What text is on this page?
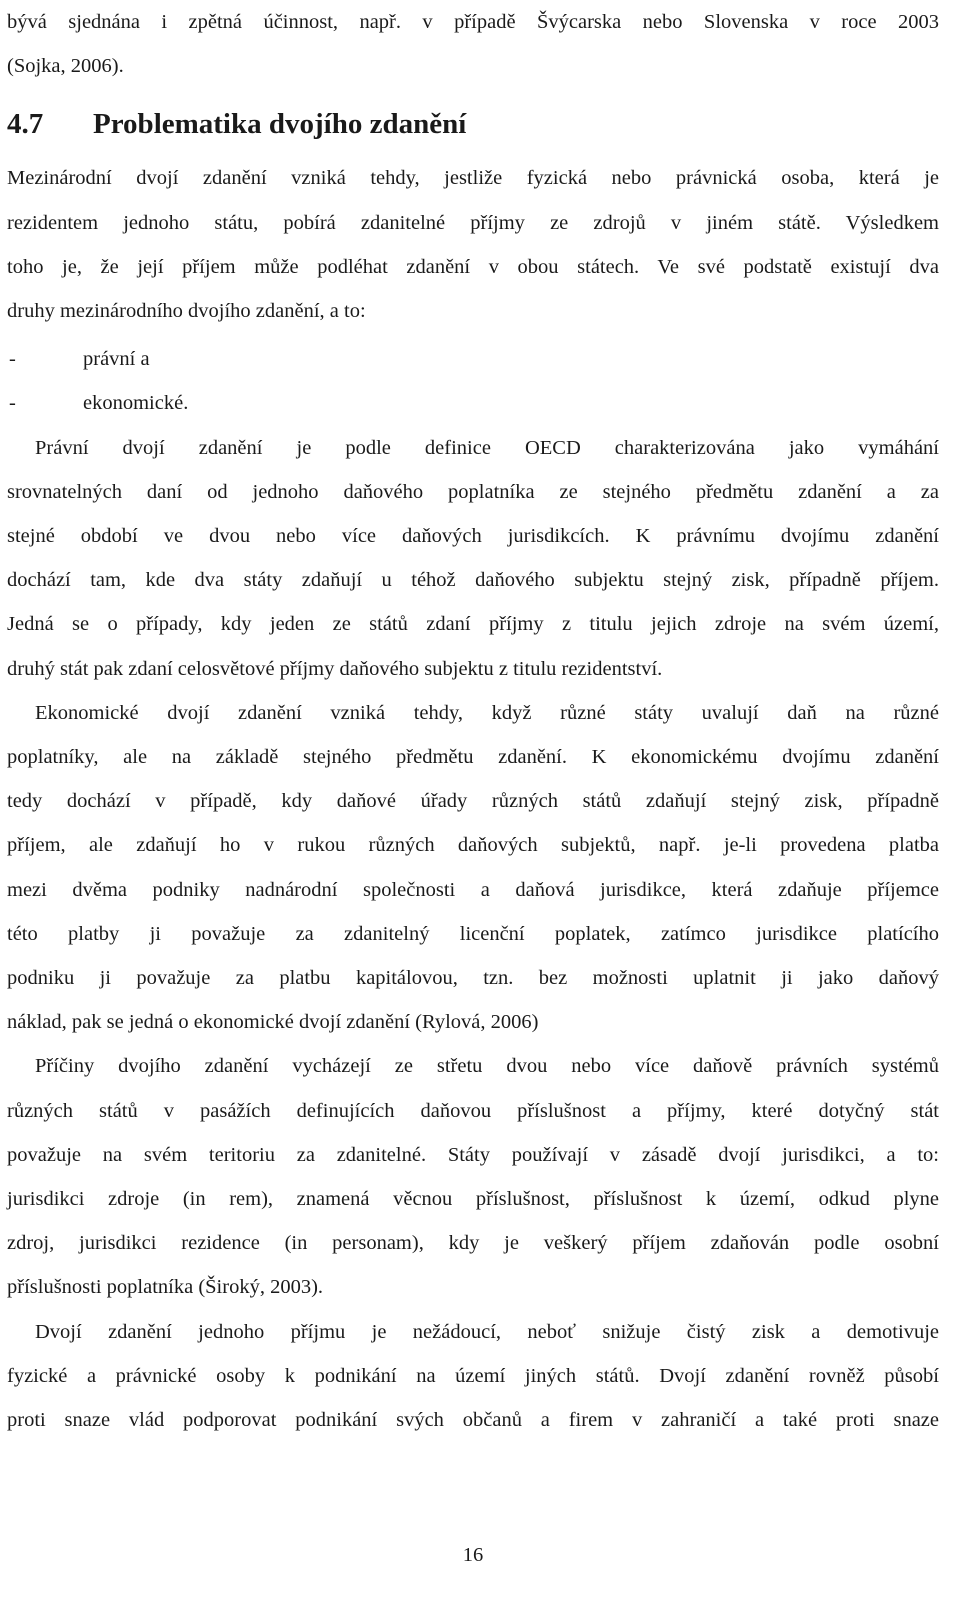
bývá sjednána i zpětná účinnost, např. v případě Švýcarska nebo Slovenska v roce 2003

(Sojka, 2006).

4.7 Problematika dvojího zdanění

Mezinárodní dvojí zdanění vzniká tehdy, jestliže fyzická nebo právnická osoba, která je

rezidentem jednoho státu, pobírá zdanitelné příjmy ze zdrojů v jiném státě. Výsledkem

toho je, že její příjem může podléhat zdanění v obou státech. Ve své podstatě existují dva

druhy mezinárodního dvojího zdanění, a to:

-	právní a
-	ekonomické.

Právní dvojí zdanění je podle definice OECD charakterizována jako vymáhání

srovnatelných daní od jednoho daňového poplatníka ze stejného předmětu zdanění a za

stejné období ve dvou nebo více daňových jurisdikcích. K právnímu dvojímu zdanění

dochází tam, kde dva státy zdaňují u téhož daňového subjektu stejný zisk, případně příjem.

Jedná se o případy, kdy jeden ze států zdaní příjmy z titulu jejich zdroje na svém území,

druhý stát pak zdaní celosvětové příjmy daňového subjektu z titulu rezidentství.

Ekonomické dvojí zdanění vzniká tehdy, když různé státy uvalují daň na různé

poplatníky, ale na základě stejného předmětu zdanění. K ekonomickému dvojímu zdanění

tedy dochází v případě, kdy daňové úřady různých států zdaňují stejný zisk, případně

příjem, ale zdaňují ho v rukou různých daňových subjektů, např. je-li provedena platba

mezi dvěma podniky nadnárodní společnosti a daňová jurisdikce, která zdaňuje příjemce

této platby ji považuje za zdanitelný licenční poplatek, zatímco jurisdikce platícího

podniku ji považuje za platbu kapitálovou, tzn. bez možnosti uplatnit ji jako daňový

náklad, pak se jedná o ekonomické dvojí zdanění (Rylová, 2006)

Příčiny dvojího zdanění vycházejí ze střetu dvou nebo více daňově právních systémů

různých států v pasážích definujících daňovou příslušnost a příjmy, které dotyčný stát

považuje na svém teritoriu za zdanitelné. Státy používají v zásadě dvojí jurisdikci, a to:

jurisdikci zdroje (in rem), znamená věcnou příslušnost, příslušnost k území, odkud plyne

zdroj, jurisdikci rezidence (in personam), kdy je veškerý příjem zdaňován podle osobní

příslušnosti poplatníka (Široký, 2003).

Dvojí zdanění jednoho příjmu je nežádoucí, neboť snižuje čistý zisk a demotivuje

fyzické a právnické osoby k podnikání na území jiných států. Dvojí zdanění rovněž působí

proti snaze vlád podporovat podnikání svých občanů a firem v zahraničí a také proti snaze

16
